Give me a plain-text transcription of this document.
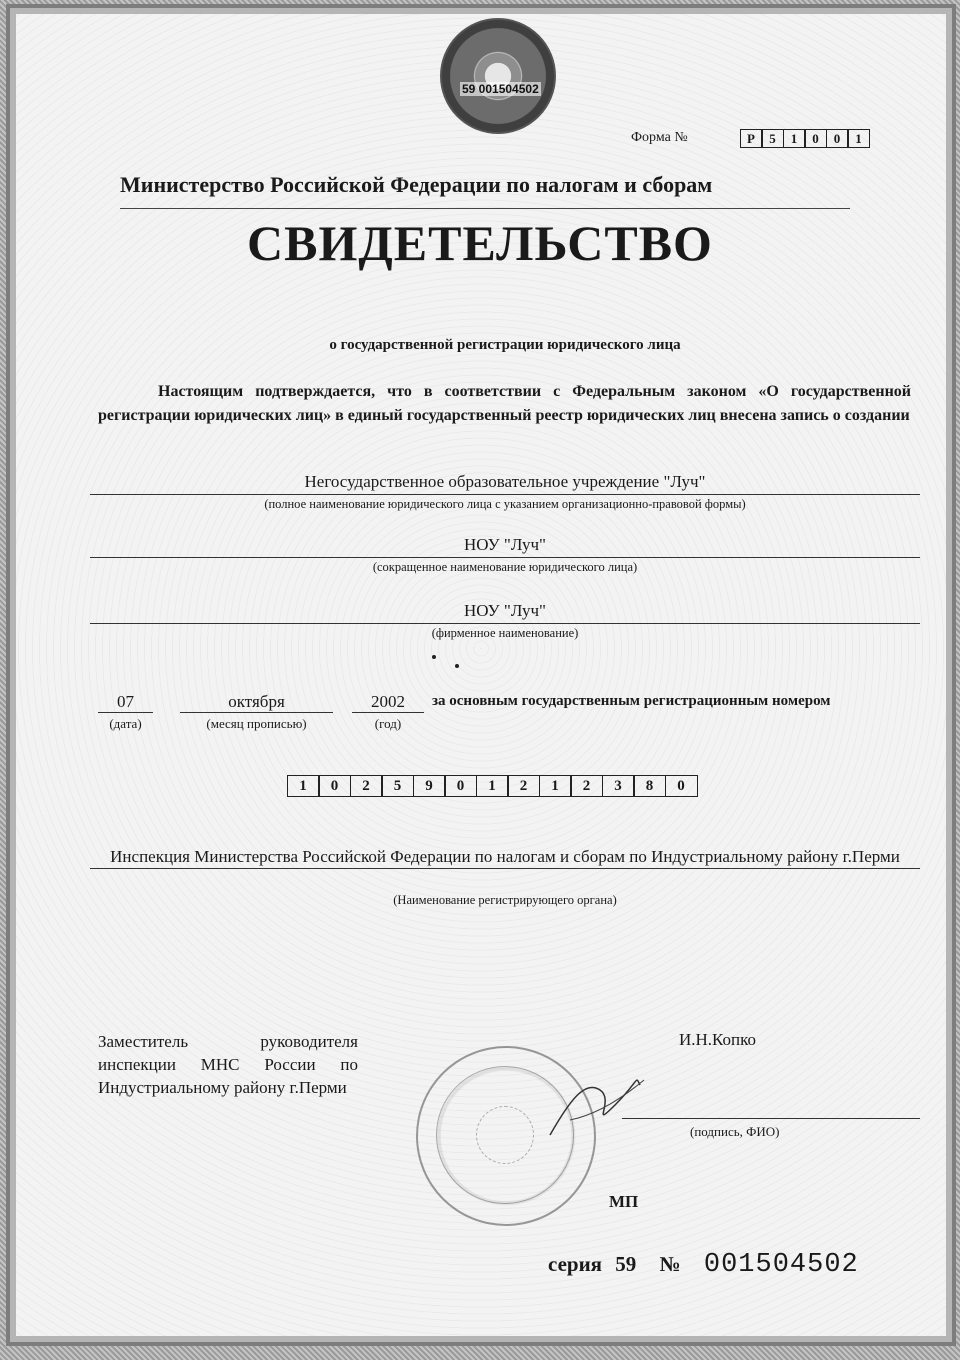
59 001504502
Форма №	Р	5	1	0	0	1
Министерство Российской Федерации по налогам и сборам
СВИДЕТЕЛЬСТВО
о государственной регистрации юридического лица
Настоящим подтверждается, что в соответствии с Федеральным законом «О государственной регистрации юридических лиц» в единый государственный реестр юридических лиц внесена запись о создании
Негосударственное образовательное учреждение "Луч"
(полное наименование юридического лица с указанием организационно-правовой формы)
НОУ "Луч"
(сокращенное наименование юридического лица)
НОУ "Луч"
(фирменное наименование)
07
(дата)
октября
(месяц прописью)
2002
(год)
за основным государственным регистрационным номером
1	0	2	5	9	0	1	2	1	2	3	8	0
Инспекция Министерства Российской Федерации по налогам и сборам по Индустриальному району г.Перми
(Наименование регистрирующего органа)
Заместитель руководителя инспекции МНС России по Индустриальному району г.Перми
И.Н.Копко
(подпись, ФИО)
МП
серия 59 № 001504502
